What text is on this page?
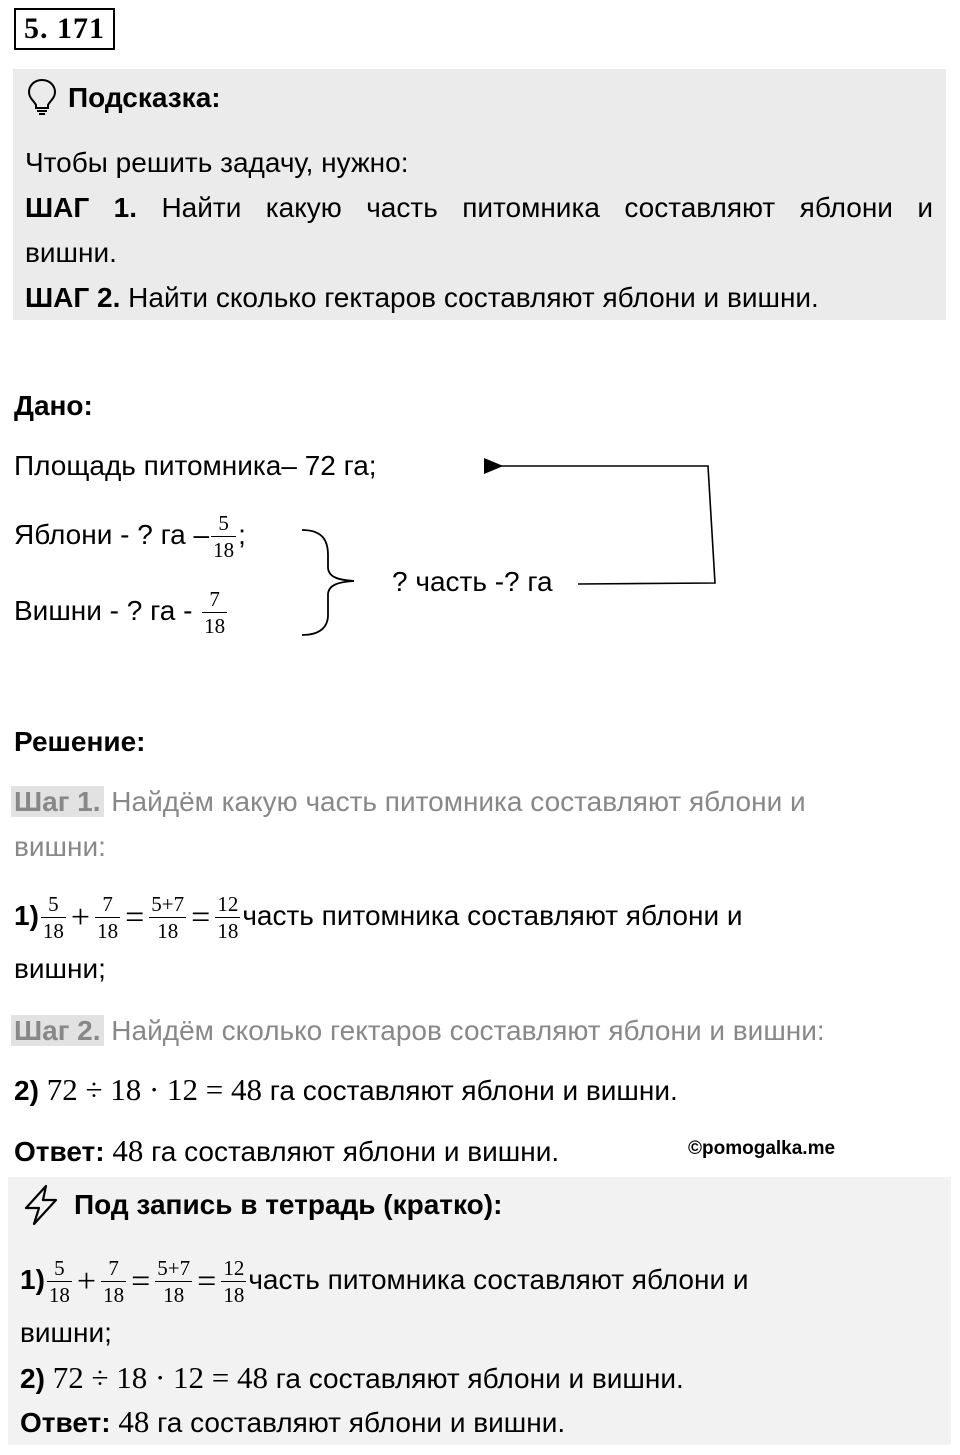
5. 171
Подсказка:
Чтобы решить задачу, нужно:
ШАГ 1. Найти какую часть питомника составляют яблони и
вишни.
ШАГ 2. Найти сколько гектаров составляют яблони и вишни.
Дано:
Площадь питомника– 72 га;
Яблони - ? га – $\frac{5}{18}$ ;
Вишни - ? га - $\frac{7}{18}$
? часть -? га
Решение:
Шаг 1. Найдём какую часть питомника составляют яблони и
вишни:
$1) \frac{5}{18} + \frac{7}{18} = \frac{5+7}{18} = \frac{12}{18}$ часть питомника составляют яблони и
вишни;
Шаг 2. Найдём сколько гектаров составляют яблони и вишни:
2) 72 ÷ 18 · 12 = 48 га составляют яблони и вишни.
Ответ: 48 га составляют яблони и вишни.	©pomogalka.me
Под запись в тетрадь (кратко):
$1) \frac{5}{18} + \frac{7}{18} = \frac{5+7}{18} = \frac{12}{18}$ часть питомника составляют яблони и
вишни;
2) 72 ÷ 18 · 12 = 48 га составляют яблони и вишни.
Ответ: 48 га составляют яблони и вишни.
